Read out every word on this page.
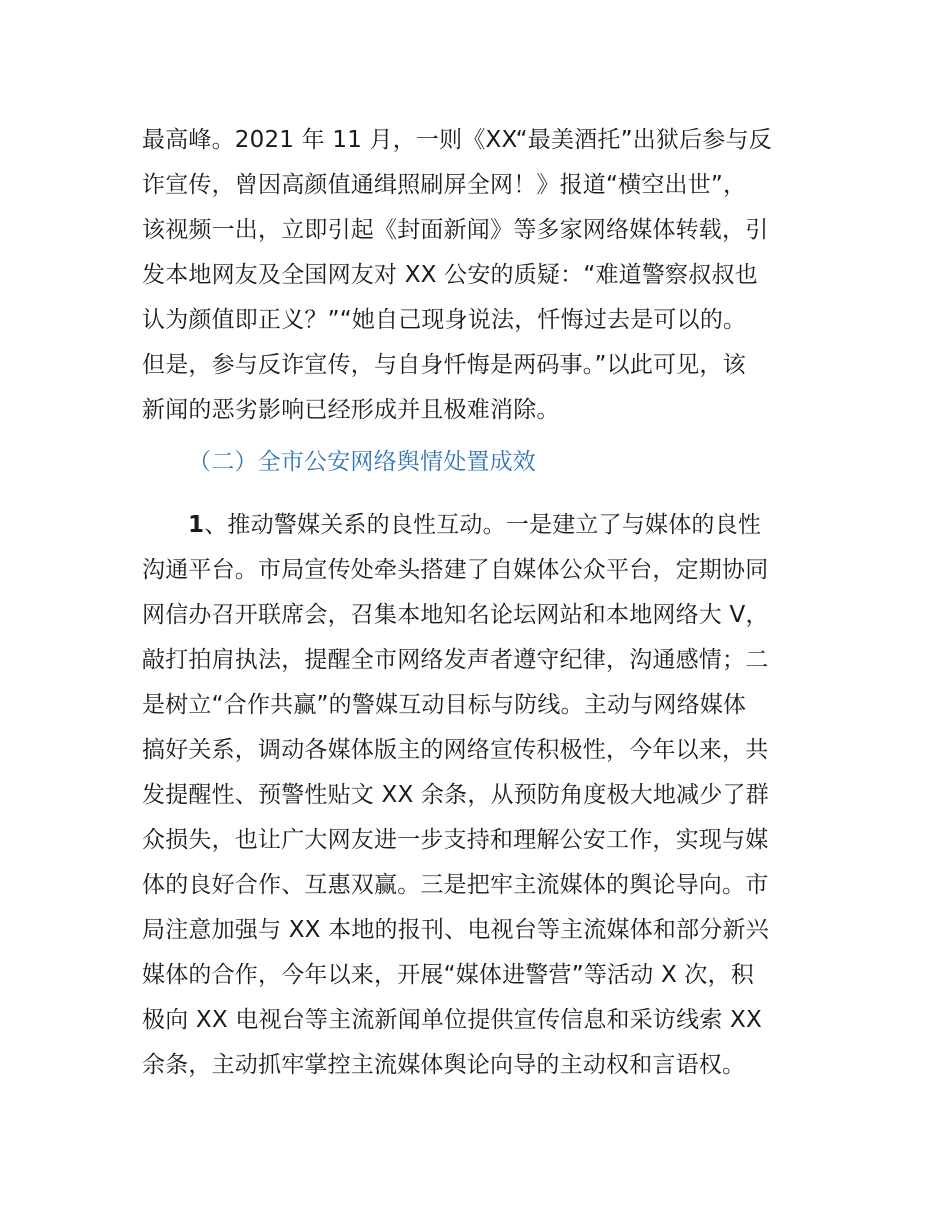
最高峰。2021 年 11 月，一则《XX“最美酒托”出狱后参与反
诈宣传，曾因高颜值通缉照刷屏全网！》报道“横空出世”，
该视频一出，立即引起《封面新闻》等多家网络媒体转载，引
发本地网友及全国网友对 XX 公安的质疑：“难道警察叔叔也
认为颜值即正义？”“她自己现身说法，忏悔过去是可以的。
但是，参与反诈宣传，与自身忏悔是两码事。”以此可见，该
新闻的恶劣影响已经形成并且极难消除。
（二）全市公安网络舆情处置成效
1、推动警媒关系的良性互动。一是建立了与媒体的良性
沟通平台。市局宣传处牵头搭建了自媒体公众平台，定期协同
网信办召开联席会，召集本地知名论坛网站和本地网络大 V，
敲打拍肩执法，提醒全市网络发声者遵守纪律，沟通感情；二
是树立“合作共赢”的警媒互动目标与防线。主动与网络媒体
搞好关系，调动各媒体版主的网络宣传积极性，今年以来，共
发提醒性、预警性贴文 XX 余条，从预防角度极大地减少了群
众损失，也让广大网友进一步支持和理解公安工作，实现与媒
体的良好合作、互惠双赢。三是把牢主流媒体的舆论导向。市
局注意加强与 XX 本地的报刊、电视台等主流媒体和部分新兴
媒体的合作，今年以来，开展“媒体进警营”等活动 X 次，积
极向 XX 电视台等主流新闻单位提供宣传信息和采访线索 XX
余条，主动抓牢掌控主流媒体舆论向导的主动权和言语权。
